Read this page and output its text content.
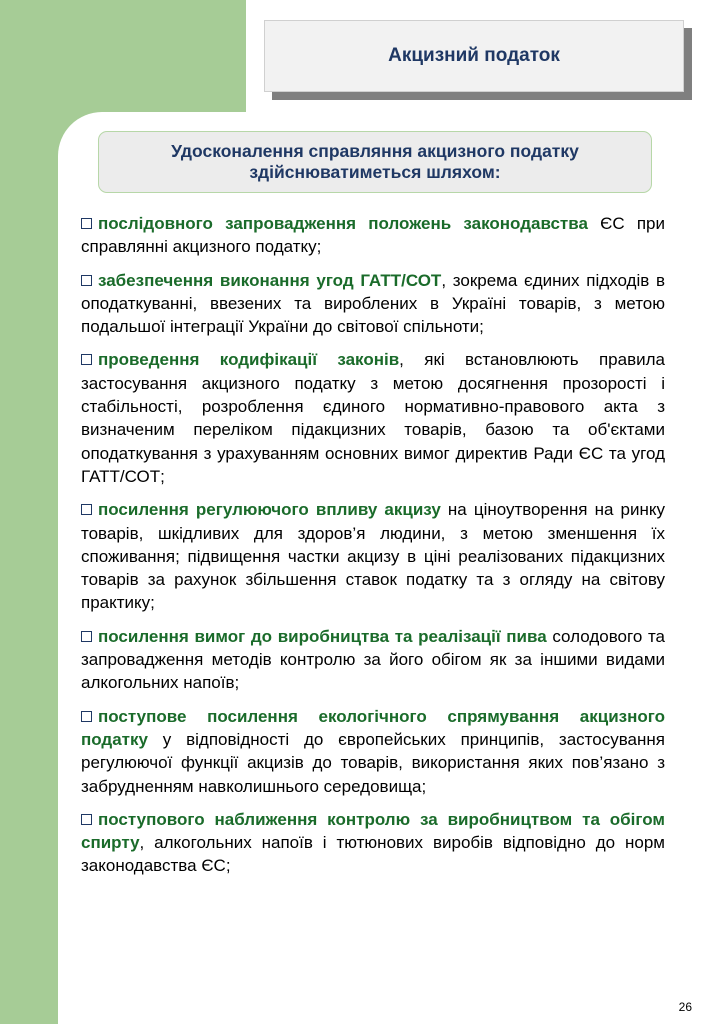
Акцизний податок
Удосконалення справляння акцизного податку здійснюватиметься шляхом:

послідовного запровадження положень законодавства ЄС при справлянні акцизного податку;

забезпечення виконання угод ГАТТ/СОТ, зокрема єдиних підходів в оподаткуванні, ввезених та вироблених в Україні товарів, з метою подальшої інтеграції України до світової спільноти;

проведення кодифікації законів, які встановлюють правила застосування акцизного податку з метою досягнення прозорості і стабільності, розроблення єдиного нормативно-правового акта з визначеним переліком підакцизних товарів, базою та об'єктами оподаткування з урахуванням основних вимог директив Ради ЄС та угод ГАТТ/СОТ;

посилення регулюючого впливу акцизу на ціноутворення на ринку товарів, шкідливих для здоров’я людини, з метою зменшення їх споживання; підвищення частки акцизу в ціні реалізованих підакцизних товарів за рахунок збільшення ставок податку та з огляду на світову практику;

посилення вимог до виробництва та реалізації пива солодового та запровадження методів контролю за його обігом як за іншими видами алкогольних напоїв;

поступове посилення екологічного спрямування акцизного податку у відповідності до європейських принципів, застосування регулюючої функції акцизів до товарів, використання яких пов’язано з забрудненням навколишнього середовища;

поступового наближення контролю за виробництвом та обігом спирту, алкогольних напоїв і тютюнових виробів відповідно до норм законодавства ЄС;

26
